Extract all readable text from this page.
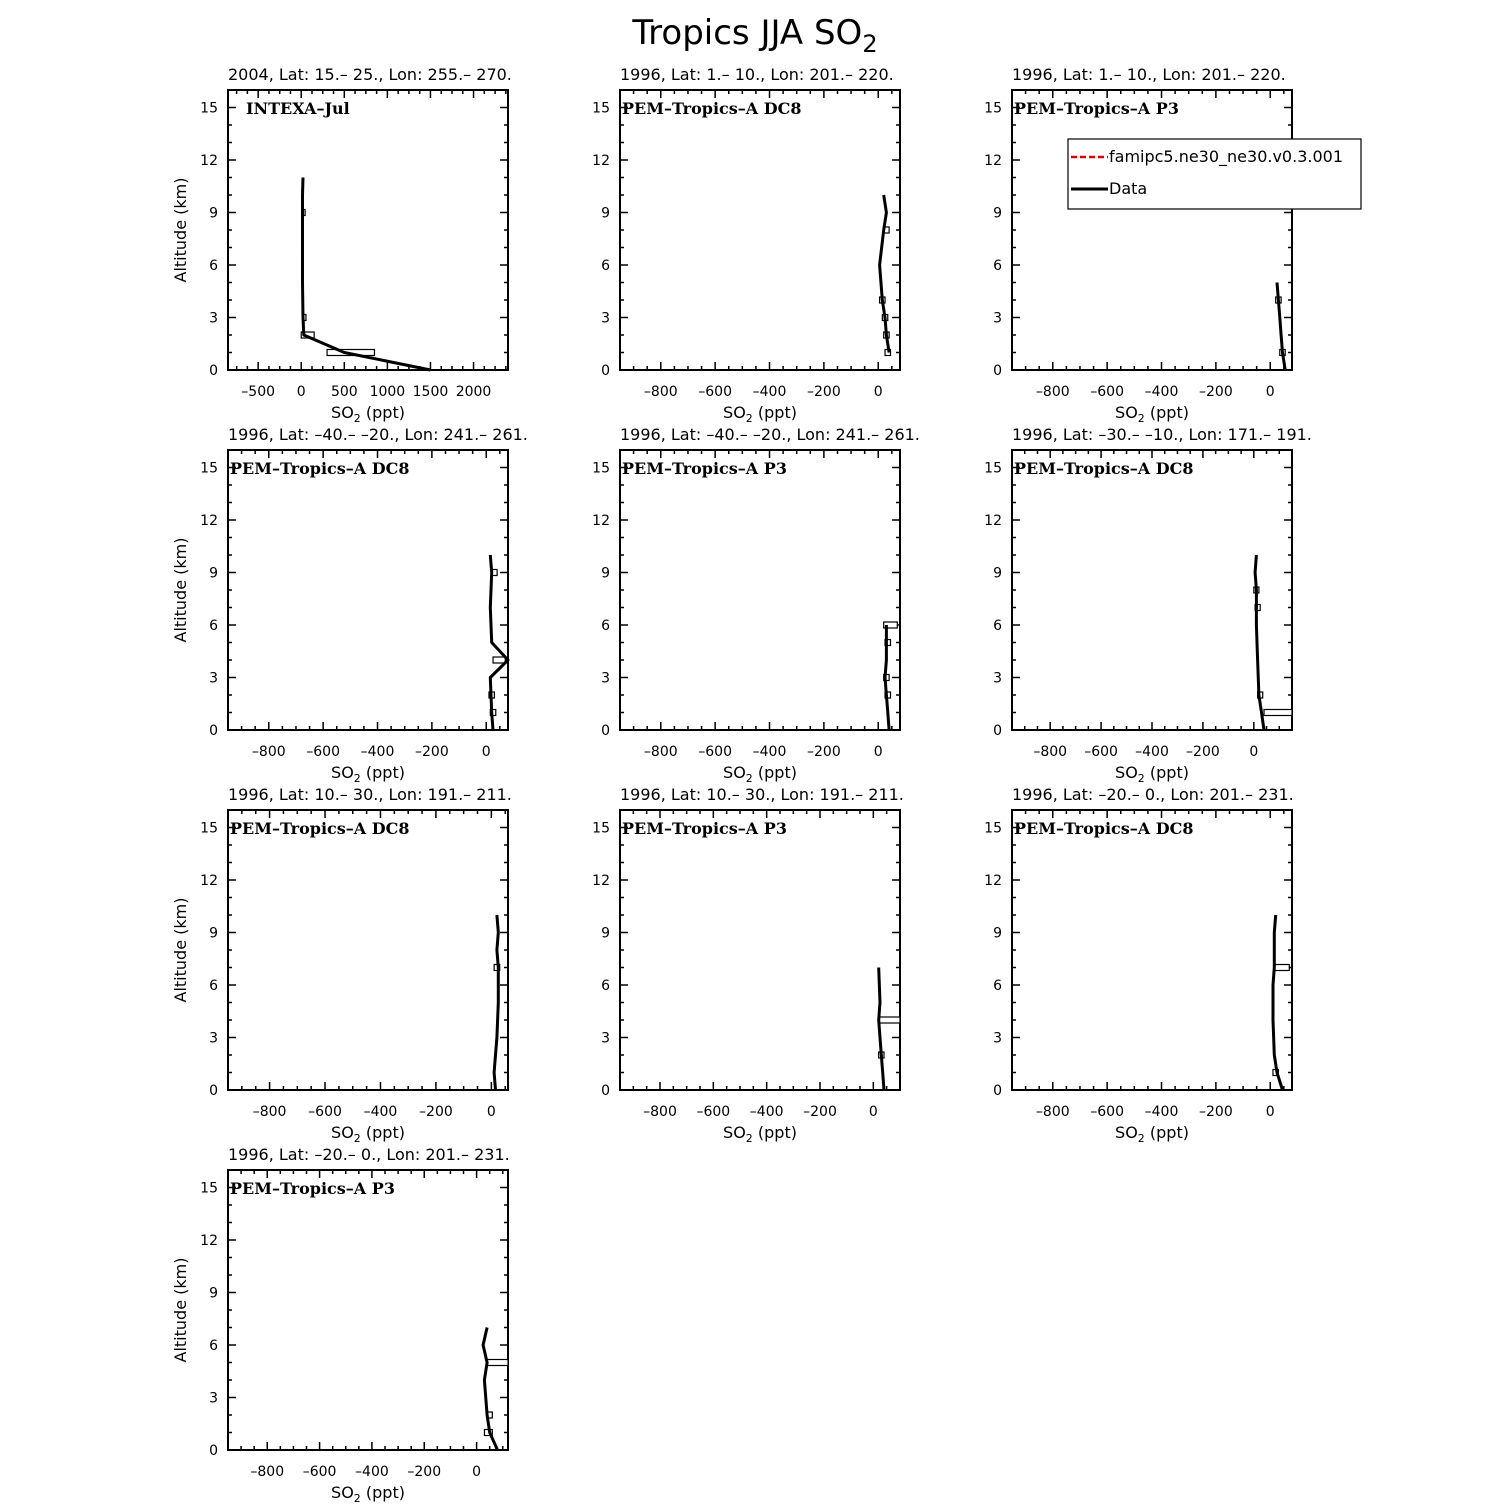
Tropics JJA $SO_2$
2004, Lat: 15.– 25., Lon: 255.– 270.
0
3
6
9
12
15
–500 0 500 1000 1500 2000
$SO_2$ (ppt)
Altitude (km)
INTEXA–Jul
1996, Lat: 1.– 10., Lon: 201.– 220.
0
3
6
9
12
15
–800 –600 –400 –200 0
$SO_2$ (ppt)
PEM–Tropics–A DC8
1996, Lat: 1.– 10., Lon: 201.– 220.
0
3
6
9
12
15
–800 –600 –400 –200 0
$SO_2$ (ppt)
PEM–Tropics–A P3
1996, Lat: –40.– –20., Lon: 241.– 261.
0
3
6
9
12
15
–800 –600 –400 –200 0
$SO_2$ (ppt)
Altitude (km)
PEM–Tropics–A DC8
1996, Lat: –40.– –20., Lon: 241.– 261.
0
3
6
9
12
15
–800 –600 –400 –200 0
$SO_2$ (ppt)
PEM–Tropics–A P3
1996, Lat: –30.– –10., Lon: 171.– 191.
0
3
6
9
12
15
–800 –600 –400 –200 0
$SO_2$ (ppt)
PEM–Tropics–A DC8
1996, Lat: 10.– 30., Lon: 191.– 211.
0
3
6
9
12
15
–800 –600 –400 –200 0
$SO_2$ (ppt)
Altitude (km)
PEM–Tropics–A DC8
1996, Lat: 10.– 30., Lon: 191.– 211.
0
3
6
9
12
15
–800 –600 –400 –200 0
$SO_2$ (ppt)
PEM–Tropics–A P3
1996, Lat: –20.– 0., Lon: 201.– 231.
0
3
6
9
12
15
–800 –600 –400 –200 0
$SO_2$ (ppt)
PEM–Tropics–A DC8
1996, Lat: –20.– 0., Lon: 201.– 231.
0
3
6
9
12
15
–800 –600 –400 –200 0
$SO_2$ (ppt)
Altitude (km)
PEM–Tropics–A P3
famipc5.ne30_ne30.v0.3.001
Data
